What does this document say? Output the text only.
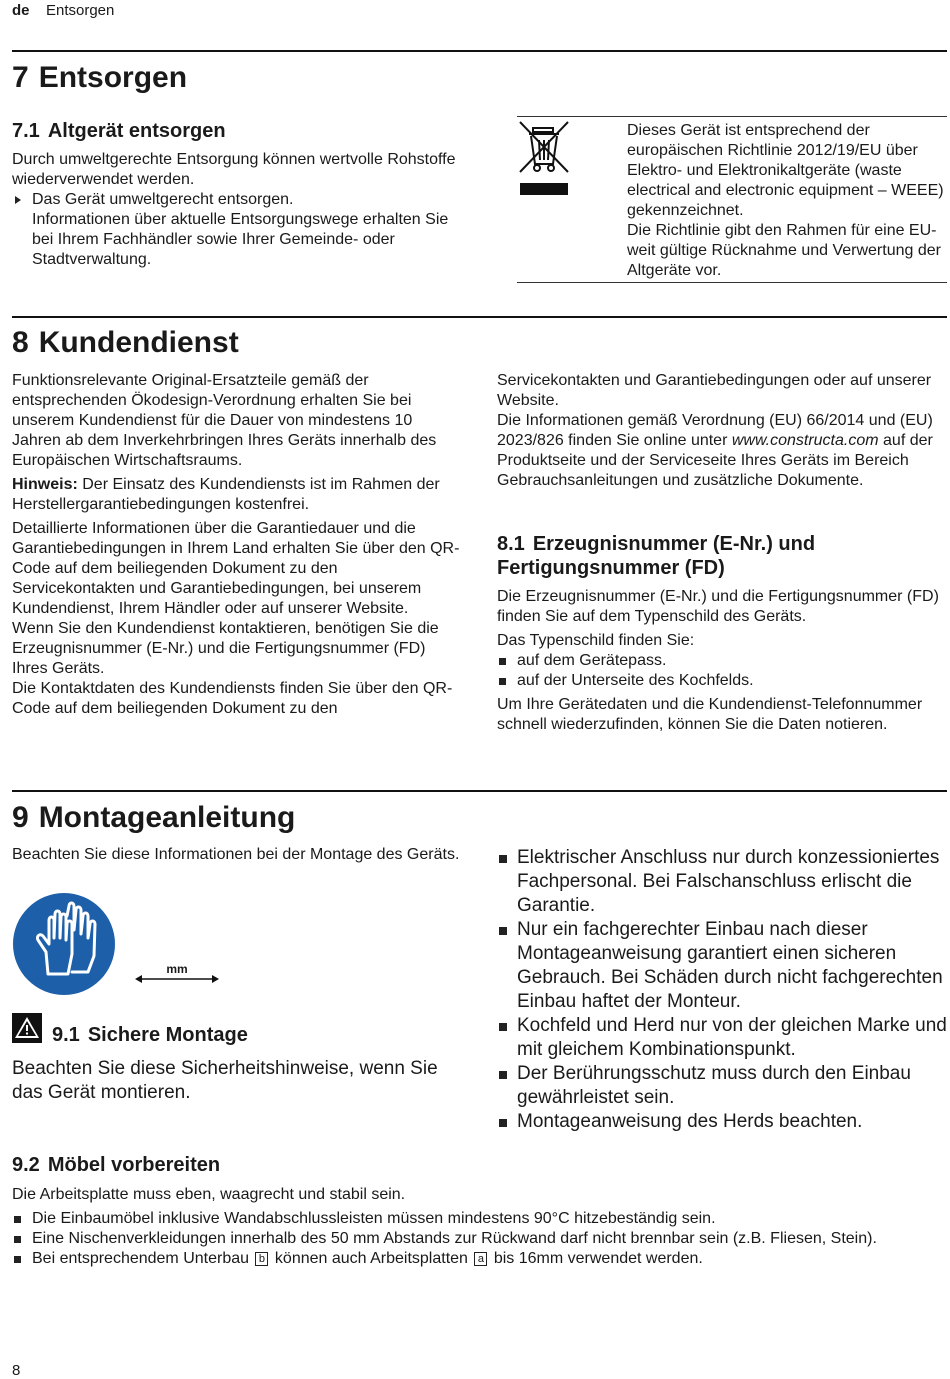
de Entsorgen
7 Entsorgen
7.1 Altgerät entsorgen

Durch umweltgerechte Entsorgung können wertvolle Rohstoffe wiederverwendet werden.

Das Gerät umweltgerecht entsorgen.

Informationen über aktuelle Entsorgungswege erhalten Sie bei Ihrem Fachhändler sowie Ihrer Gemeinde- oder Stadtverwaltung.

Dieses Gerät ist entsprechend der europäischen Richtlinie 2012/19/EU über Elektro- und Elektronikaltgeräte (waste electrical and electronic equipment – WEEE) gekennzeichnet.

Die Richtlinie gibt den Rahmen für eine EU-weit gültige Rücknahme und Verwertung der Altgeräte vor.

8 Kundendienst

Funktionsrelevante Original-Ersatzteile gemäß der entsprechenden Ökodesign-Verordnung erhalten Sie bei unserem Kundendienst für die Dauer von mindestens 10 Jahren ab dem Inverkehrbringen Ihres Geräts innerhalb des Europäischen Wirtschaftsraums.

Hinweis: Der Einsatz des Kundendiensts ist im Rahmen der Herstellergarantiebedingungen kostenfrei.

Detaillierte Informationen über die Garantiedauer und die Garantiebedingungen in Ihrem Land erhalten Sie über den QR-Code auf dem beiliegenden Dokument zu den Servicekontakten und Garantiebedingungen, bei unserem Kundendienst, Ihrem Händler oder auf unserer Website.

Wenn Sie den Kundendienst kontaktieren, benötigen Sie die Erzeugnisnummer (E-Nr.) und die Fertigungsnummer (FD) Ihres Geräts.

Die Kontaktdaten des Kundendiensts finden Sie über den QR-Code auf dem beiliegenden Dokument zu den

Servicekontakten und Garantiebedingungen oder auf unserer Website.

Die Informationen gemäß Verordnung (EU) 66/2014 und (EU) 2023/826 finden Sie online unter www.constructa.com auf der Produktseite und der Serviceseite Ihres Geräts im Bereich Gebrauchsanleitungen und zusätzliche Dokumente.

8.1 Erzeugnisnummer (E-Nr.) und Fertigungsnummer (FD)

Die Erzeugnisnummer (E-Nr.) und die Fertigungsnummer (FD) finden Sie auf dem Typenschild des Geräts.

Das Typenschild finden Sie:

auf dem Gerätepass.
auf der Unterseite des Kochfelds.

Um Ihre Gerätedaten und die Kundendienst-Telefonnummer schnell wiederzufinden, können Sie die Daten notieren.

9 Montageanleitung
Beachten Sie diese Informationen bei der Montage des Geräts.
mm
9.1 Sichere Montage
Beachten Sie diese Sicherheitshinweise, wenn Sie das Gerät montieren.
Elektrischer Anschluss nur durch konzessioniertes Fachpersonal. Bei Falschanschluss erlischt die Garantie.
Nur ein fachgerechter Einbau nach dieser Montageanweisung garantiert einen sicheren Gebrauch. Bei Schäden durch nicht fachgerechten Einbau haftet der Monteur.
Kochfeld und Herd nur von der gleichen Marke und mit gleichem Kombinationspunkt.
Der Berührungsschutz muss durch den Einbau gewährleistet sein.
Montageanweisung des Herds beachten.
9.2 Möbel vorbereiten

Die Arbeitsplatte muss eben, waagrecht und stabil sein.

Die Einbaumöbel inklusive Wandabschlussleisten müssen mindestens 90°C hitzebeständig sein.
Eine Nischenverkleidungen innerhalb des 50 mm Abstands zur Rückwand darf nicht brennbar sein (z.B. Fliesen, Stein).
Bei entsprechendem Unterbau b können auch Arbeitsplatten a bis 16mm verwendet werden.
8
